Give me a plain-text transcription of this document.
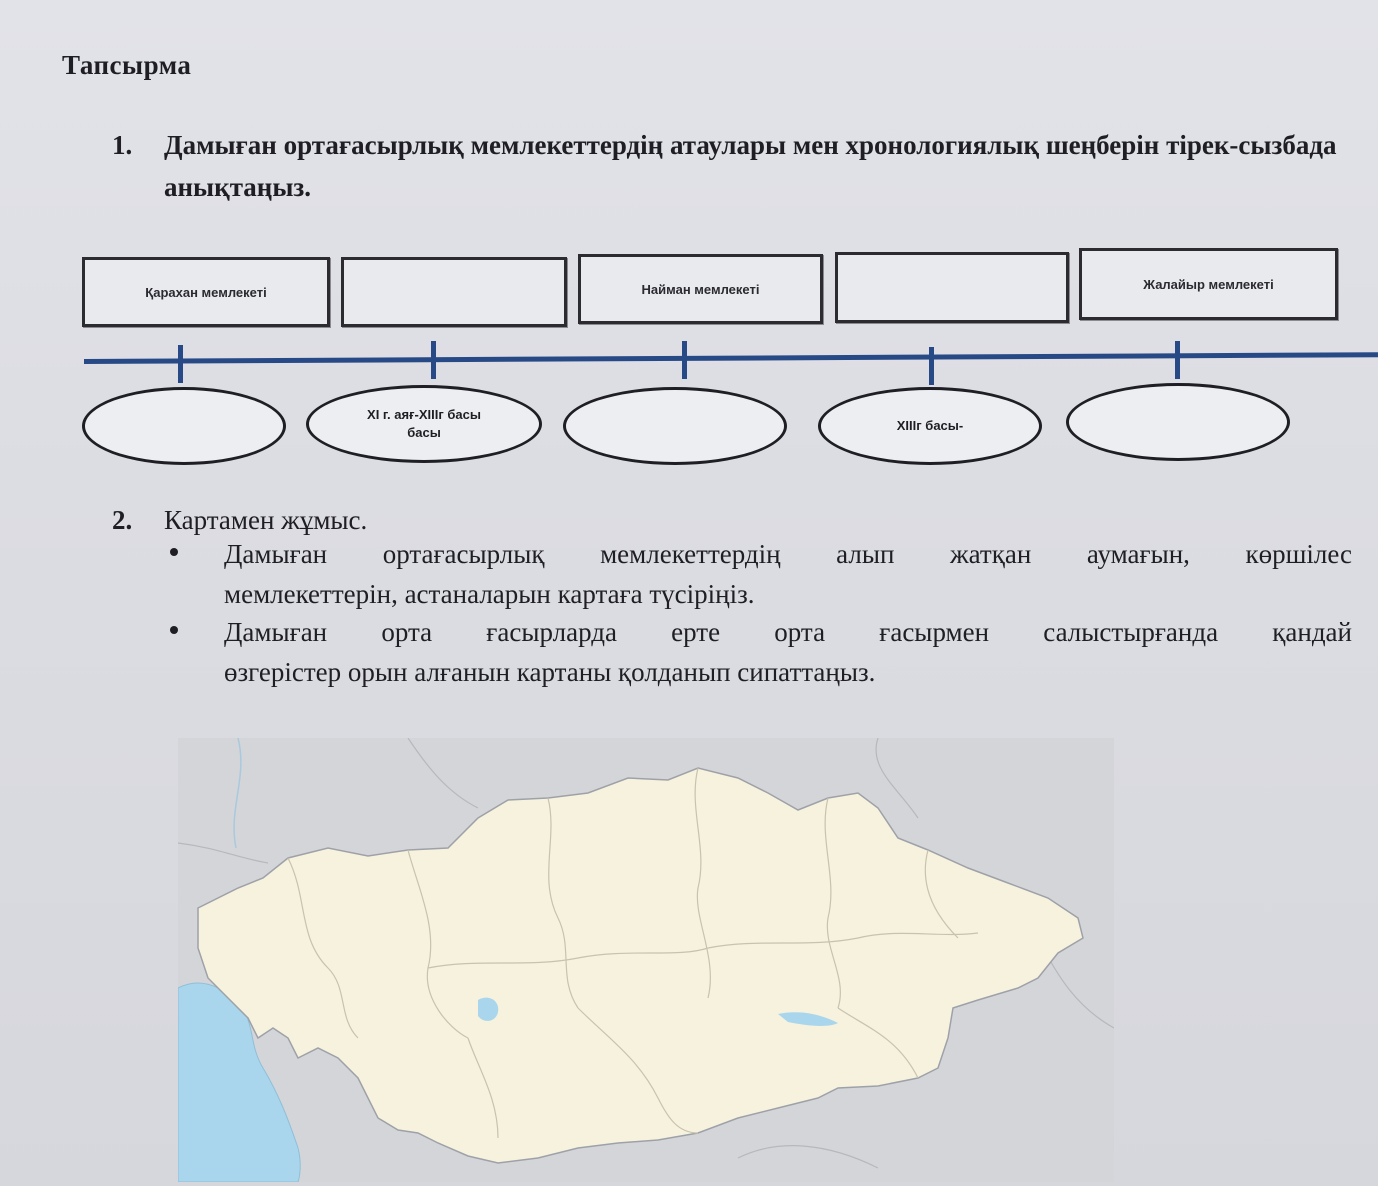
Тапсырма
1. Дамыған ортағасырлық мемлекеттердің атаулары мен хронологиялық шеңберін тірек-сызбада анықтаңыз.
Қарахан мемлекеті	Найман мемлекеті	Жалайыр мемлекеті
XІ г. аяғ-XІІІг басы
басы	XІІІг басы-
2. Картамен жұмыс.
Дамыған ортағасырлық мемлекеттердің алып жатқан аумағын, көршілес
мемлекеттерін, астаналарын картаға түсіріңіз.
Дамыған орта ғасырларда ерте орта ғасырмен салыстырғанда қандай
өзгерістер орын алғанын картаны қолданып сипаттаңыз.
